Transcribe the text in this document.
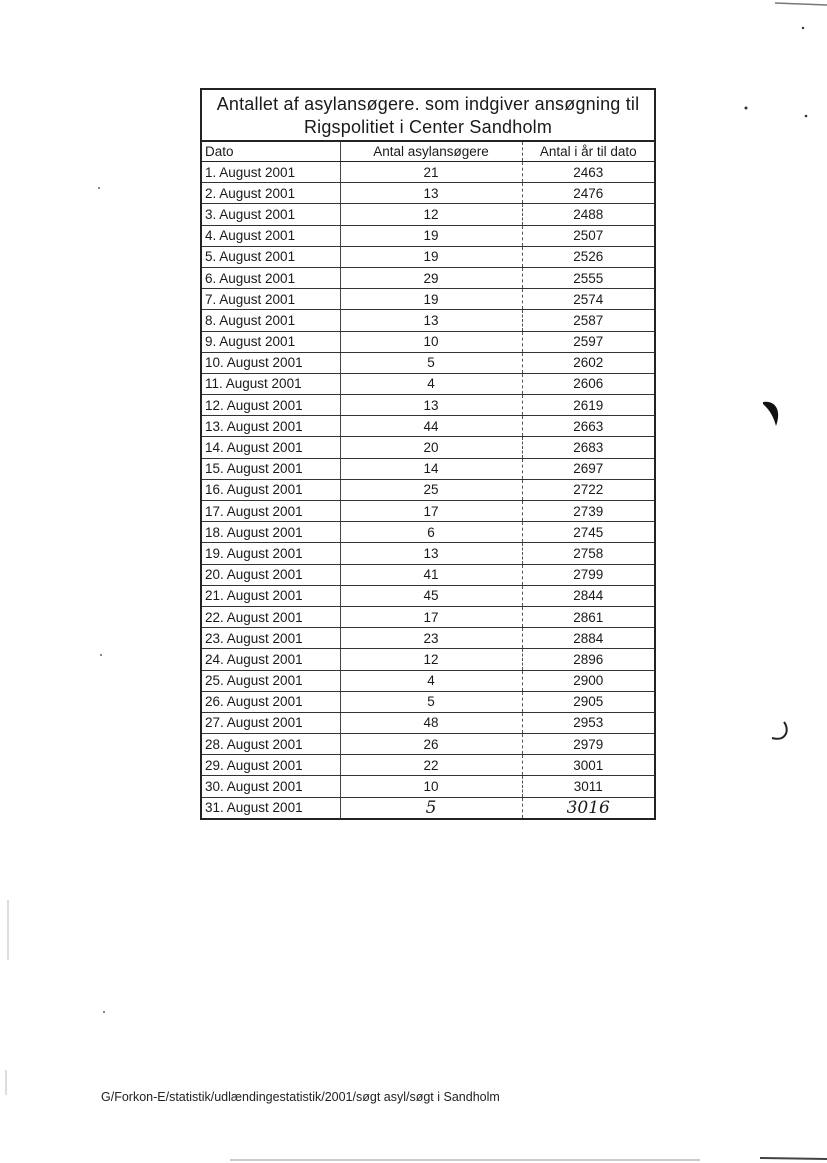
Antallet af asylansøgere. som indgiver ansøgning til
Rigspolitiet i Center Sandholm
Dato	Antal asylansøgere	Antal i år til dato
1. August 2001	21	2463
2. August 2001	13	2476
3. August 2001	12	2488
4. August 2001	19	2507
5. August 2001	19	2526
6. August 2001	29	2555
7. August 2001	19	2574
8. August 2001	13	2587
9. August 2001	10	2597
10. August 2001	5	2602
11. August 2001	4	2606
12. August 2001	13	2619
13. August 2001	44	2663
14. August 2001	20	2683
15. August 2001	14	2697
16. August 2001	25	2722
17. August 2001	17	2739
18. August 2001	6	2745
19. August 2001	13	2758
20. August 2001	41	2799
21. August 2001	45	2844
22. August 2001	17	2861
23. August 2001	23	2884
24. August 2001	12	2896
25. August 2001	4	2900
26. August 2001	5	2905
27. August 2001	48	2953
28. August 2001	26	2979
29. August 2001	22	3001
30. August 2001	10	3011
31. August 2001	5	3016
G/Forkon-E/statistik/udlændingestatistik/2001/søgt asyl/søgt i Sandholm
